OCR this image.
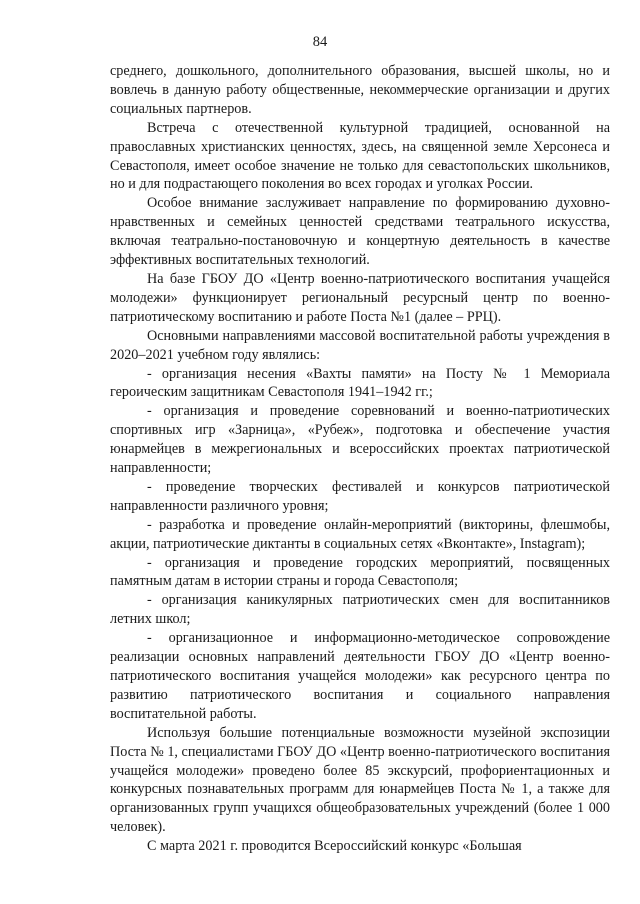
84

среднего, дошкольного, дополнительного образования, высшей школы, но и вовлечь в данную работу общественные, некоммерческие организации и других социальных партнеров.

Встреча с отечественной культурной традицией, основанной на православных христианских ценностях, здесь, на священной земле Херсонеса и Севастополя, имеет особое значение не только для севастопольских школьников, но и для подрастающего поколения во всех городах и уголках России.

Особое внимание заслуживает направление по формированию духовно-нравственных и семейных ценностей средствами театрального искусства, включая театрально-постановочную и концертную деятельность в качестве эффективных воспитательных технологий.

На базе ГБОУ ДО «Центр военно-патриотического воспитания учащейся молодежи» функционирует региональный ресурсный центр по военно-патриотическому воспитанию и работе Поста №1 (далее – РРЦ).

Основными направлениями массовой воспитательной работы учреждения в 2020–2021 учебном году являлись:

- организация несения «Вахты памяти» на Посту № 1 Мемориала героическим защитникам Севастополя 1941–1942 гг.;

- организация и проведение соревнований и военно-патриотических спортивных игр «Зарница», «Рубеж», подготовка и обеспечение участия юнармейцев в межрегиональных и всероссийских проектах патриотической направленности;

- проведение творческих фестивалей и конкурсов патриотической направленности различного уровня;

- разработка и проведение онлайн-мероприятий (викторины, флешмобы, акции, патриотические диктанты в социальных сетях «Вконтакте», Instagram);

- организация и проведение городских мероприятий, посвященных памятным датам в истории страны и города Севастополя;

- организация каникулярных патриотических смен для воспитанников летних школ;

- организационное и информационно-методическое сопровождение реализации основных направлений деятельности ГБОУ ДО «Центр военно-патриотического воспитания учащейся молодежи» как ресурсного центра по развитию патриотического воспитания и социального направления воспитательной работы.

Используя большие потенциальные возможности музейной экспозиции Поста № 1, специалистами ГБОУ ДО «Центр военно-патриотического воспитания учащейся молодежи» проведено более 85 экскурсий, профориентационных и конкурсных познавательных программ для юнармейцев Поста № 1, а также для организованных групп учащихся общеобразовательных учреждений (более 1 000 человек).

С марта 2021 г. проводится Всероссийский конкурс «Большая
